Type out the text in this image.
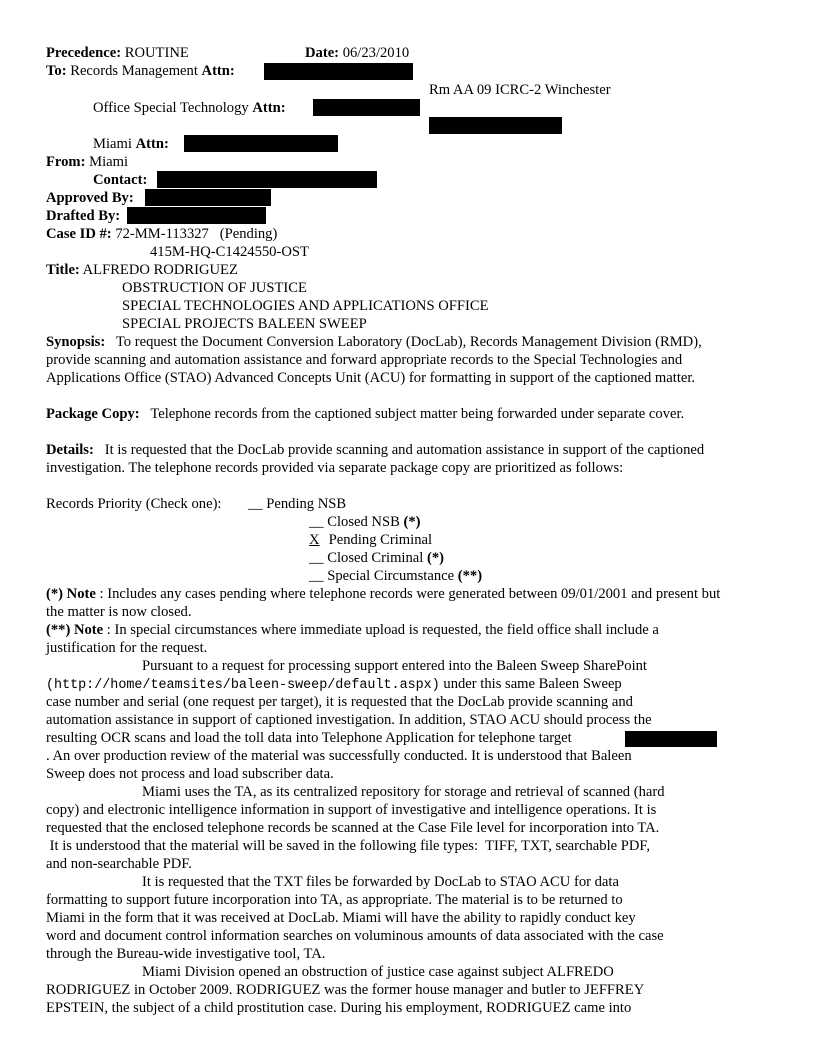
Precedence: ROUTINE	Date: 06/23/2010
To: Records Management Attn:
Rm AA 09 ICRC-2 Winchester
Office Special Technology Attn:
Miami Attn:
From: Miami
Contact:
Approved By:
Drafted By:
Case ID #: 72-MM-113327   (Pending)
415M-HQ-C1424550-OST
Title: ALFREDO RODRIGUEZ
OBSTRUCTION OF JUSTICE
SPECIAL TECHNOLOGIES AND APPLICATIONS OFFICE
SPECIAL PROJECTS BALEEN SWEEP
Synopsis: To request the Document Conversion Laboratory (DocLab), Records Management Division (RMD), provide scanning and automation assistance and forward appropriate records to the Special Technologies and Applications Office (STAO) Advanced Concepts Unit (ACU) for formatting in support of the captioned matter.
Package Copy: Telephone records from the captioned subject matter being forwarded under separate cover.
Details: It is requested that the DocLab provide scanning and automation assistance in support of the captioned investigation. The telephone records provided via separate package copy are prioritized as follows:
Records Priority (Check one): __ Pending NSB
__ Closed NSB (*)
X Pending Criminal
__ Closed Criminal (*)
__ Special Circumstance (**)
(*) Note : Includes any cases pending where telephone records were generated between 09/01/2001 and present but the matter is now closed.
(**) Note : In special circumstances where immediate upload is requested, the field office shall include a justification for the request.
Pursuant to a request for processing support entered into the Baleen Sweep SharePoint
(http://home/teamsites/baleen-sweep/default.aspx) under this same Baleen Sweep
case number and serial (one request per target), it is requested that the DocLab provide scanning and
automation assistance in support of captioned investigation. In addition, STAO ACU should process the
resulting OCR scans and load the toll data into Telephone Application for telephone target
. An over production review of the material was successfully conducted. It is understood that Baleen
Sweep does not process and load subscriber data.
Miami uses the TA, as its centralized repository for storage and retrieval of scanned (hard
copy) and electronic intelligence information in support of investigative and intelligence operations. It is
requested that the enclosed telephone records be scanned at the Case File level for incorporation into TA.
It is understood that the material will be saved in the following file types:  TIFF, TXT, searchable PDF,
and non-searchable PDF.
It is requested that the TXT files be forwarded by DocLab to STAO ACU for data
formatting to support future incorporation into TA, as appropriate. The material is to be returned to
Miami in the form that it was received at DocLab. Miami will have the ability to rapidly conduct key
word and document control information searches on voluminous amounts of data associated with the case
through the Bureau-wide investigative tool, TA.
Miami Division opened an obstruction of justice case against subject ALFREDO
RODRIGUEZ in October 2009. RODRIGUEZ was the former house manager and butler to JEFFREY
EPSTEIN, the subject of a child prostitution case. During his employment, RODRIGUEZ came into
